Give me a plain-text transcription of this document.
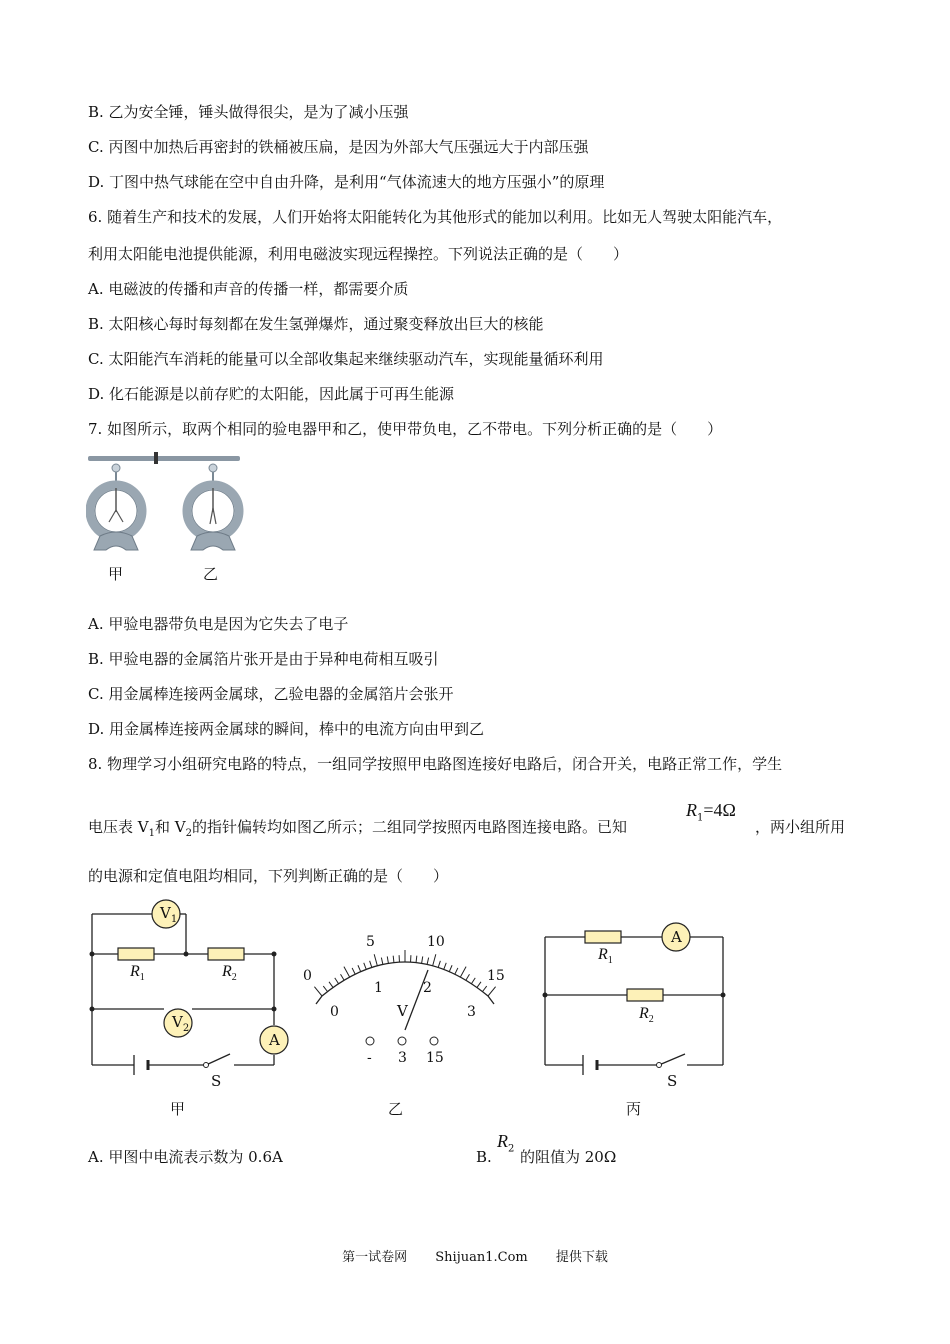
B. 乙为安全锤，锤头做得很尖，是为了减小压强
C. 丙图中加热后再密封的铁桶被压扁，是因为外部大气压强远大于内部压强
D. 丁图中热气球能在空中自由升降，是利用“气体流速大的地方压强小”的原理
6. 随着生产和技术的发展，人们开始将太阳能转化为其他形式的能加以利用。比如无人驾驶太阳能汽车，
利用太阳能电池提供能源，利用电磁波实现远程操控。下列说法正确的是（　　）
A. 电磁波的传播和声音的传播一样，都需要介质
B. 太阳核心每时每刻都在发生氢弹爆炸，通过聚变释放出巨大的核能
C. 太阳能汽车消耗的能量可以全部收集起来继续驱动汽车，实现能量循环利用
D. 化石能源是以前存贮的太阳能，因此属于可再生能源
7. 如图所示，取两个相同的验电器甲和乙，使甲带负电，乙不带电。下列分析正确的是（　　）
甲	乙
A. 甲验电器带负电是因为它失去了电子
B. 甲验电器的金属箔片张开是由于异种电荷相互吸引
C. 用金属棒连接两金属球，乙验电器的金属箔片会张开
D. 用金属棒连接两金属球的瞬间，棒中的电流方向由甲到乙
8. 物理学习小组研究电路的特点，一组同学按照甲电路图连接好电路后，闭合开关，电路正常工作，学生
电压表 $V_1$和 $V_2$的指针偏转均如图乙所示；二组同学按照丙电路图连接电路。已知
$R_1=4\Omega$
，两小组所用
的电源和定值电阻均相同，下列判断正确的是（　　）
$V_1$
$V_2$
A
$R_1$	$R_2$
S
甲
0
5	10
15
0
1	2
3
V
- 3 15
乙
A
$R_1$
$R_2$
S
丙
A. 甲图中电流表示数为 0.6A	B.
$R_2$ 的阻值为 20Ω
第一试卷网 Shijuan1.Com 提供下载
